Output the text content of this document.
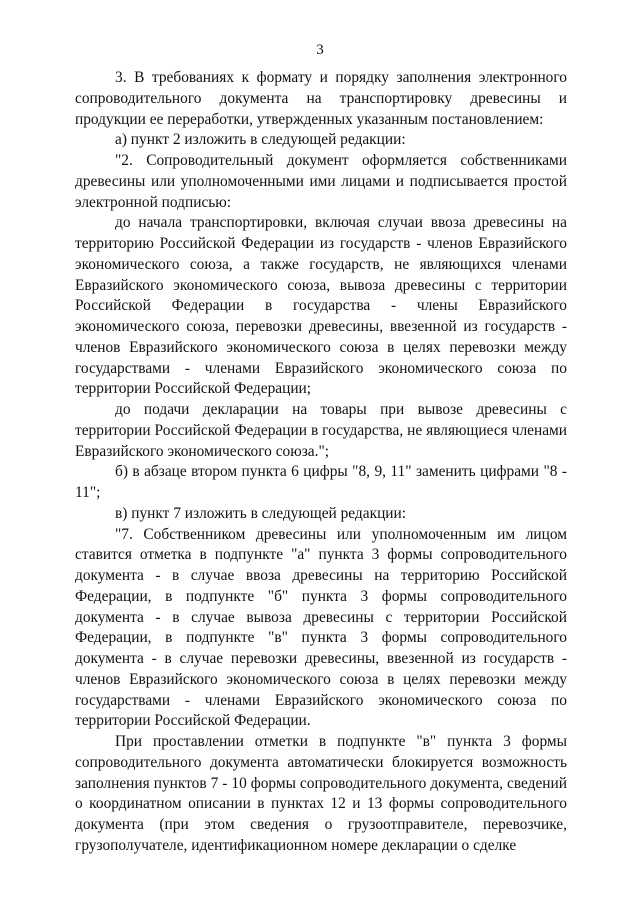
3

3. В требованиях к формату и порядку заполнения электронного сопроводительного документа на транспортировку древесины и продукции ее переработки, утвержденных указанным постановлением:

а) пункт 2 изложить в следующей редакции:

"2. Сопроводительный документ оформляется собственниками древесины или уполномоченными ими лицами и подписывается простой электронной подписью:

до начала транспортировки, включая случаи ввоза древесины на территорию Российской Федерации из государств - членов Евразийского экономического союза, а также государств, не являющихся членами Евразийского экономического союза, вывоза древесины с территории Российской Федерации в государства - члены Евразийского экономического союза, перевозки древесины, ввезенной из государств - членов Евразийского экономического союза в целях перевозки между государствами - членами Евразийского экономического союза по территории Российской Федерации;

до подачи декларации на товары при вывозе древесины с территории Российской Федерации в государства, не являющиеся членами Евразийского экономического союза.";

б) в абзаце втором пункта 6 цифры "8, 9, 11" заменить цифрами "8 - 11";

в) пункт 7 изложить в следующей редакции:

"7. Собственником древесины или уполномоченным им лицом ставится отметка в подпункте "а" пункта 3 формы сопроводительного документа - в случае ввоза древесины на территорию Российской Федерации, в подпункте "б" пункта 3 формы сопроводительного документа - в случае вывоза древесины с территории Российской Федерации, в подпункте "в" пункта 3 формы сопроводительного документа - в случае перевозки древесины, ввезенной из государств - членов Евразийского экономического союза в целях перевозки между государствами - членами Евразийского экономического союза по территории Российской Федерации.

При проставлении отметки в подпункте "в" пункта 3 формы сопроводительного документа автоматически блокируется возможность заполнения пунктов 7 - 10 формы сопроводительного документа, сведений о координатном описании в пунктах 12 и 13 формы сопроводительного документа (при этом сведения о грузоотправителе, перевозчике, грузополучателе, идентификационном номере декларации о сделке
